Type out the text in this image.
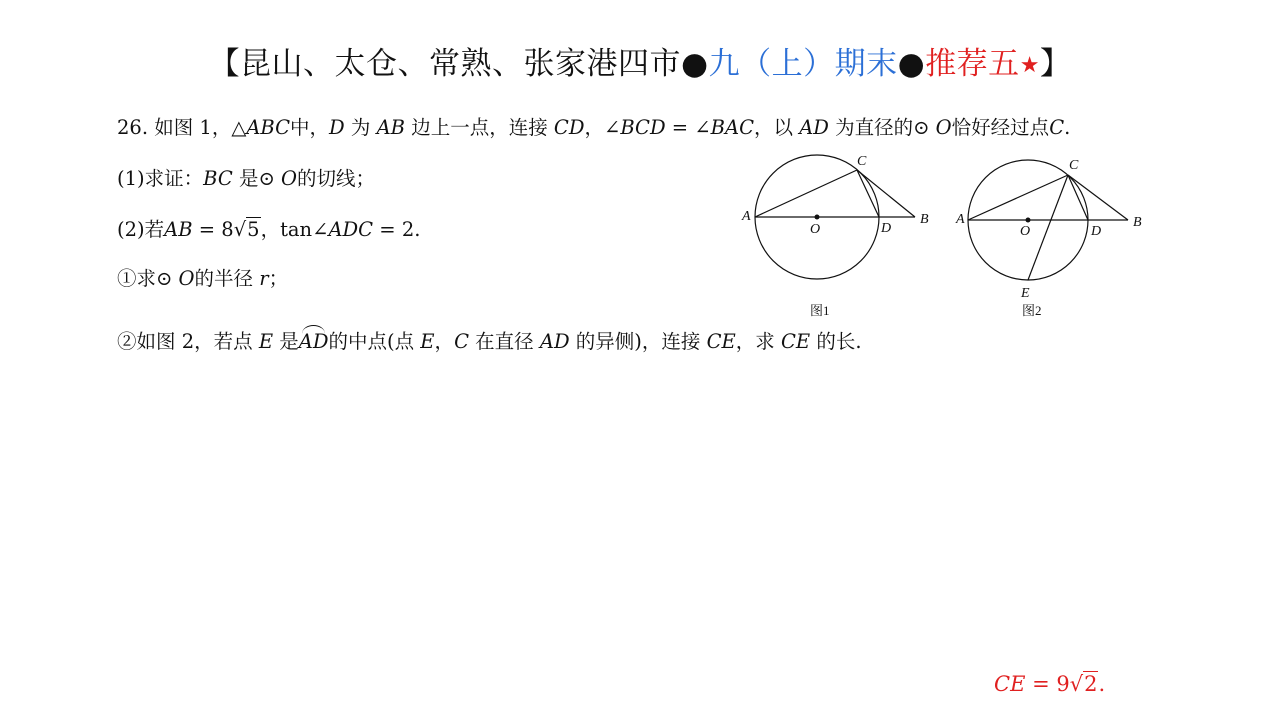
【昆山、太仓、常熟、张家港四市●九（上）期末●推荐五★】
26. 如图 1，△ABC中，D 为 AB 边上一点，连接 CD，∠BCD = ∠BAC，以 AD 为直径的⊙ O恰好经过点C.
(1)求证：BC 是⊙ O的切线；
(2)若AB = 8√5，tan∠ADC = 2.
①求⊙ O的半径 r；
②如图 2，若点 E 是AD的中点(点 E，C 在直径 AD 的异侧)，连接 CE，求 CE 的长.
A	B
C
D
O
图1
A	B
C
D
O
E
图2
CE = 9√2.
